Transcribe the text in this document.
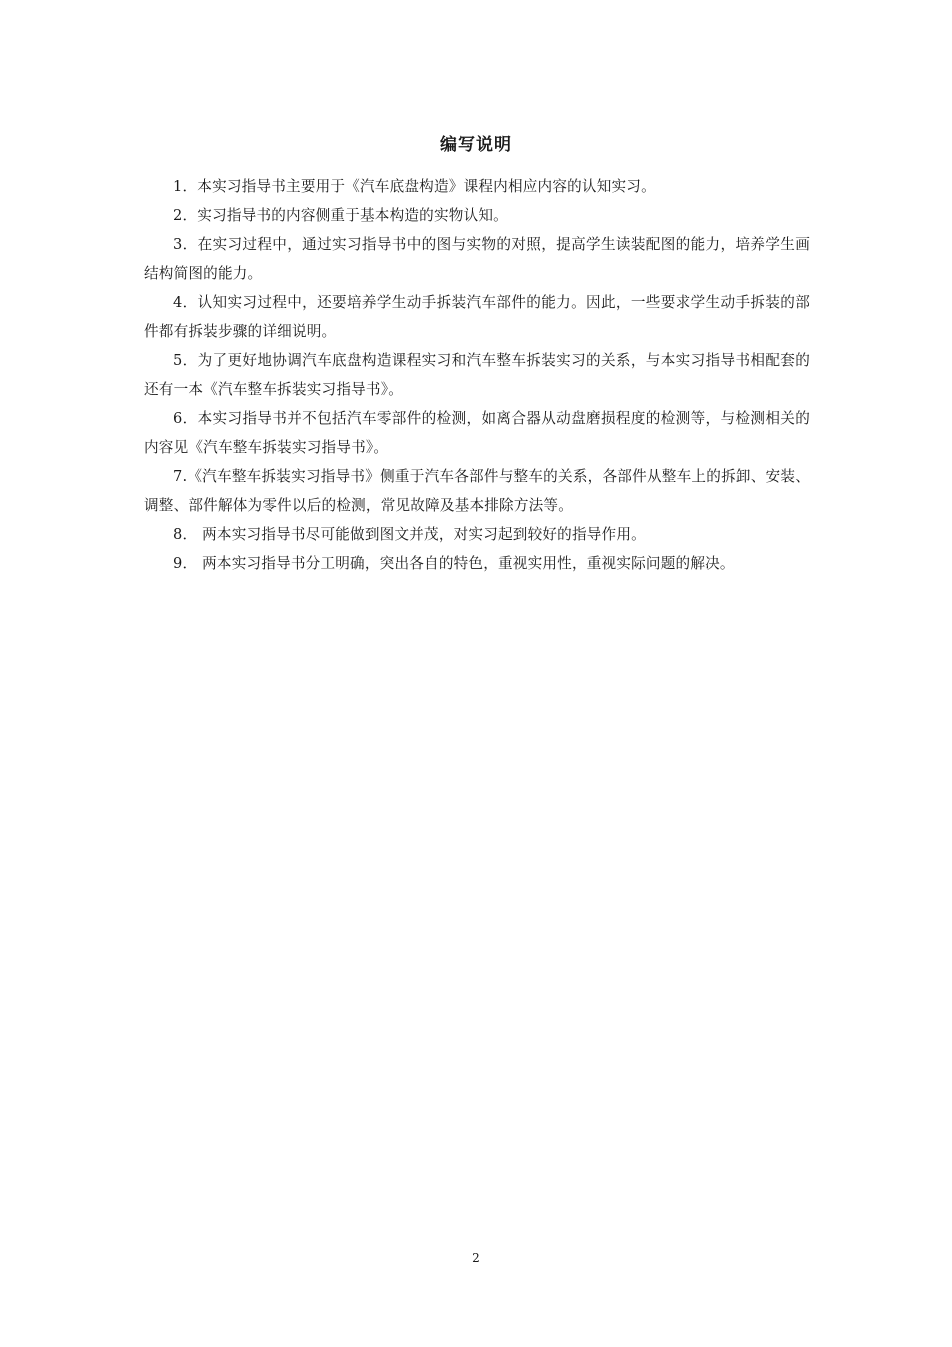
编写说明

1．本实习指导书主要用于《汽车底盘构造》课程内相应内容的认知实习。

2．实习指导书的内容侧重于基本构造的实物认知。

3．在实习过程中，通过实习指导书中的图与实物的对照，提高学生读装配图的能力，培养学生画结构简图的能力。

4．认知实习过程中，还要培养学生动手拆装汽车部件的能力。因此，一些要求学生动手拆装的部件都有拆装步骤的详细说明。

5．为了更好地协调汽车底盘构造课程实习和汽车整车拆装实习的关系，与本实习指导书相配套的还有一本《汽车整车拆装实习指导书》。

6．本实习指导书并不包括汽车零部件的检测，如离合器从动盘磨损程度的检测等，与检测相关的内容见《汽车整车拆装实习指导书》。

7.《汽车整车拆装实习指导书》侧重于汽车各部件与整车的关系，各部件从整车上的拆卸、安装、调整、部件解体为零件以后的检测，常见故障及基本排除方法等。

8． 两本实习指导书尽可能做到图文并茂，对实习起到较好的指导作用。

9． 两本实习指导书分工明确，突出各自的特色，重视实用性，重视实际问题的解决。

2
